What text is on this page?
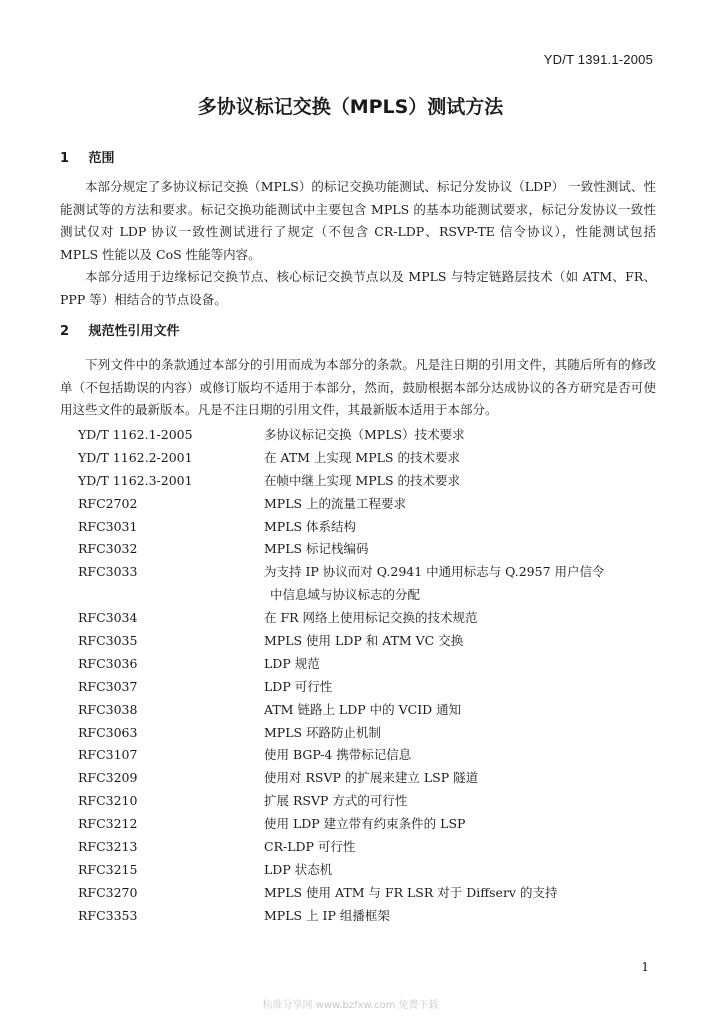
YD/T 1391.1-2005
多协议标记交换（MPLS）测试方法
1 范围

本部分规定了多协议标记交换（MPLS）的标记交换功能测试、标记分发协议（LDP） 一致性测试、性能测试等的方法和要求。标记交换功能测试中主要包含 MPLS 的基本功能测试要求，标记分发协议一致性测试仅对 LDP 协议一致性测试进行了规定（不包含 CR-LDP、RSVP-TE 信令协议），性能测试包括 MPLS 性能以及 CoS 性能等内容。

本部分适用于边缘标记交换节点、核心标记交换节点以及 MPLS 与特定链路层技术（如 ATM、FR、PPP 等）相结合的节点设备。

2 规范性引用文件

下列文件中的条款通过本部分的引用而成为本部分的条款。凡是注日期的引用文件，其随后所有的修改单（不包括勘误的内容）或修订版均不适用于本部分，然而，鼓励根据本部分达成协议的各方研究是否可使用这些文件的最新版本。凡是不注日期的引用文件，其最新版本适用于本部分。

YD/T 1162.1-2005	多协议标记交换（MPLS）技术要求
YD/T 1162.2-2001	在 ATM 上实现 MPLS 的技术要求
YD/T 1162.3-2001	在帧中继上实现 MPLS 的技术要求
RFC2702	MPLS 上的流量工程要求
RFC3031	MPLS 体系结构
RFC3032	MPLS 标记栈编码
RFC3033	为支持 IP 协议而对 Q.2941 中通用标志与 Q.2957 用户信令
中信息域与协议标志的分配
RFC3034	在 FR 网络上使用标记交换的技术规范
RFC3035	MPLS 使用 LDP 和 ATM VC 交换
RFC3036	LDP 规范
RFC3037	LDP 可行性
RFC3038	ATM 链路上 LDP 中的 VCID 通知
RFC3063	MPLS 环路防止机制
RFC3107	使用 BGP-4 携带标记信息
RFC3209	使用对 RSVP 的扩展来建立 LSP 隧道
RFC3210	扩展 RSVP 方式的可行性
RFC3212	使用 LDP 建立带有约束条件的 LSP
RFC3213	CR-LDP 可行性
RFC3215	LDP 状态机
RFC3270	MPLS 使用 ATM 与 FR LSR 对于 Diffserv 的支持
RFC3353	MPLS 上 IP 组播框架
1
标准分享网 www.bzfxw.com 免费下载
